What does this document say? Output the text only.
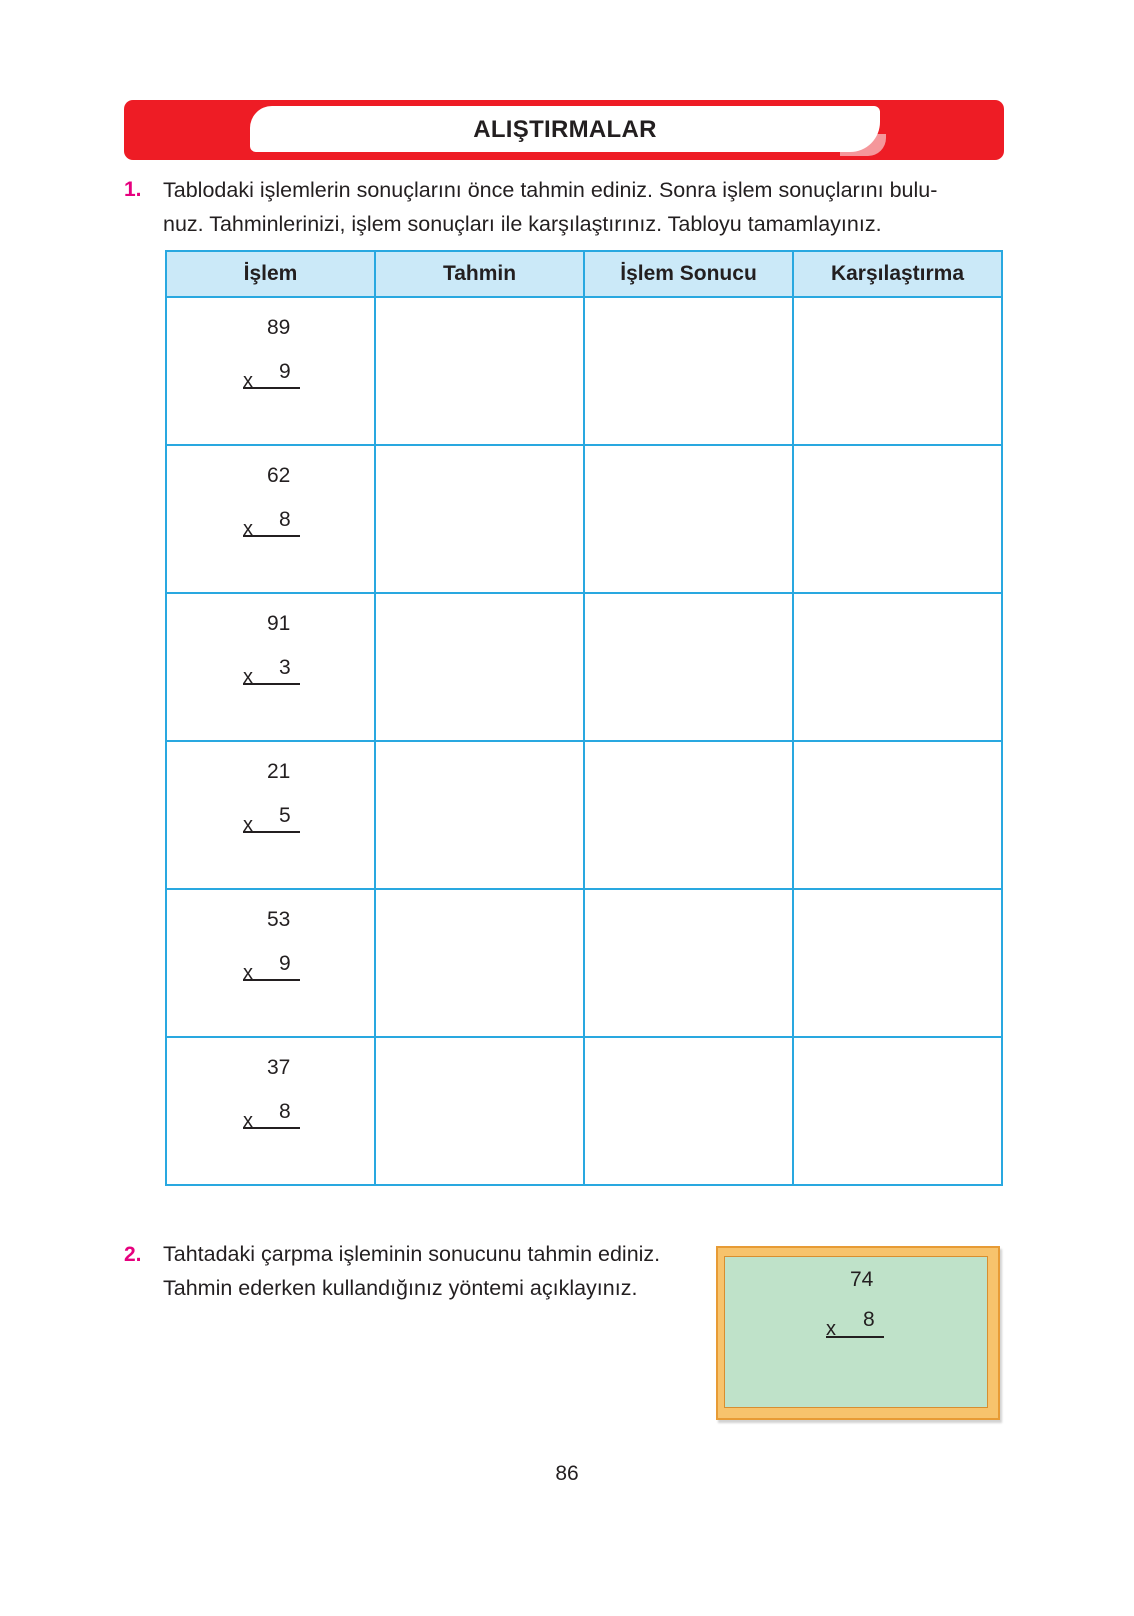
ALIŞTIRMALAR
1. Tablodaki işlemlerin sonuçlarını önce tahmin ediniz. Sonra işlem sonuçlarını bulu-
nuz. Tahminlerinizi, işlem sonuçları ile karşılaştırınız. Tabloyu tamamlayınız.
İşlem	Tahmin	İşlem Sonucu	Karşılaştırma

89
x 9			

62
x 8			

91
x 3			

21
x 5			

53
x 9			

37
x 8			

2. Tahtadaki çarpma işleminin sonucunu tahmin ediniz.
Tahmin ederken kullandığınız yöntemi açıklayınız.	74
x 8
86
